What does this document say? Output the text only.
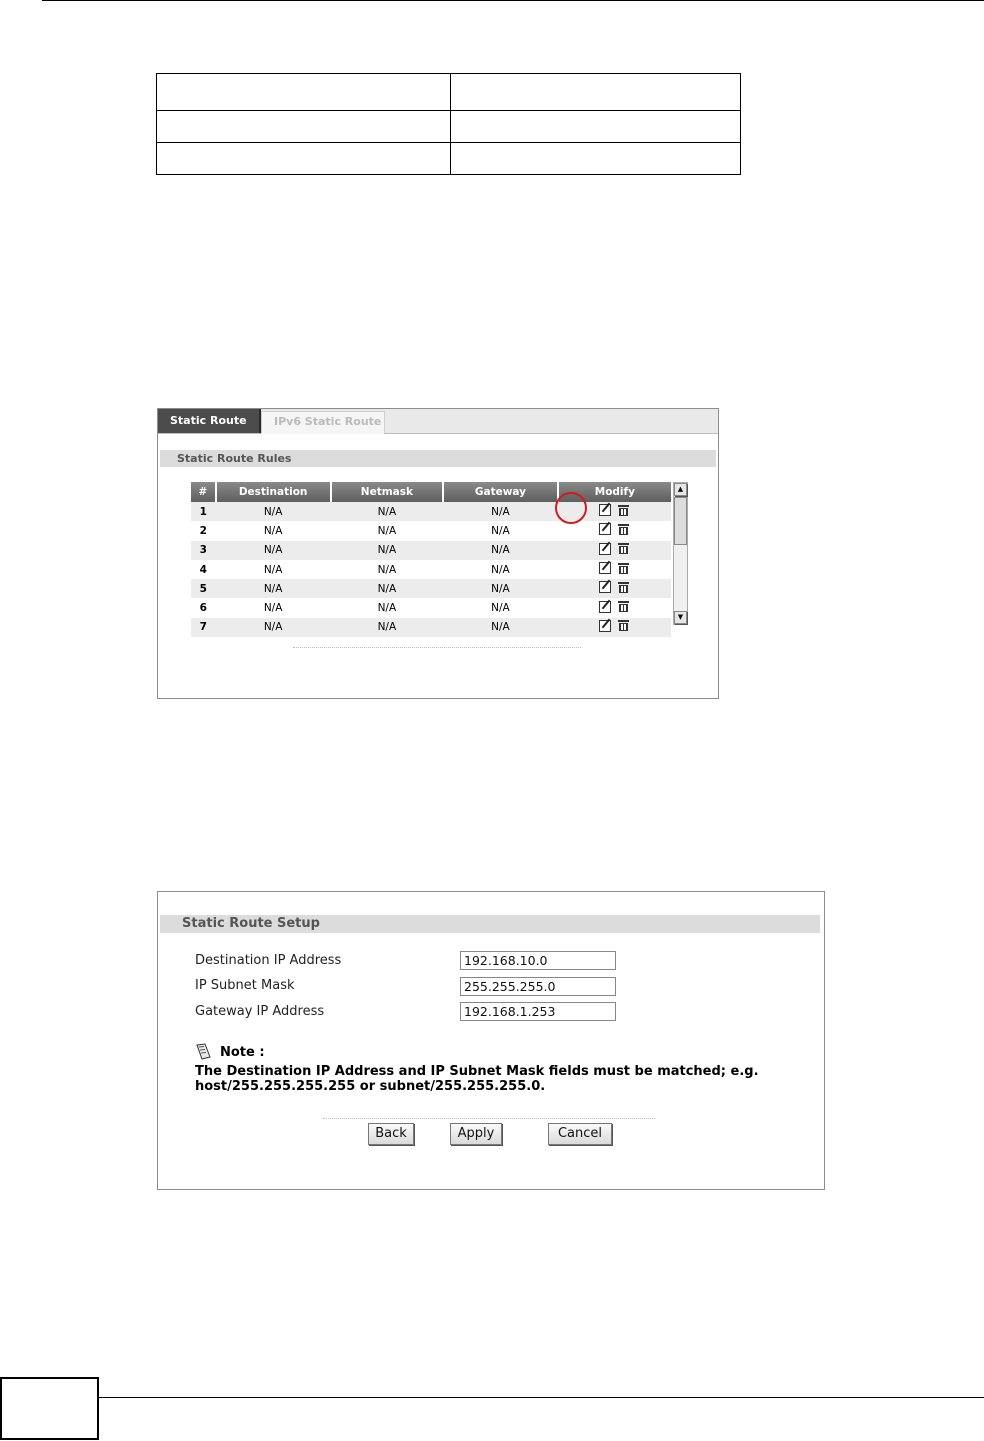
Static Route	IPv6 Static Route
Static Route Rules
#	Destination	Netmask	Gateway	Modify
1	N/A	N/A	N/A	

2	N/A	N/A	N/A	

3	N/A	N/A	N/A	

4	N/A	N/A	N/A	

5	N/A	N/A	N/A	

6	N/A	N/A	N/A	

7	N/A	N/A	N/A	
▲
▼
Static Route Setup
Destination IP Address	192.168.10.0
IP Subnet Mask	255.255.255.0
Gateway IP Address	192.168.1.253
Note :
The Destination IP Address and IP Subnet Mask fields must be matched; e.g. host/255.255.255.255 or subnet/255.255.255.0.
Back	Apply	Cancel
